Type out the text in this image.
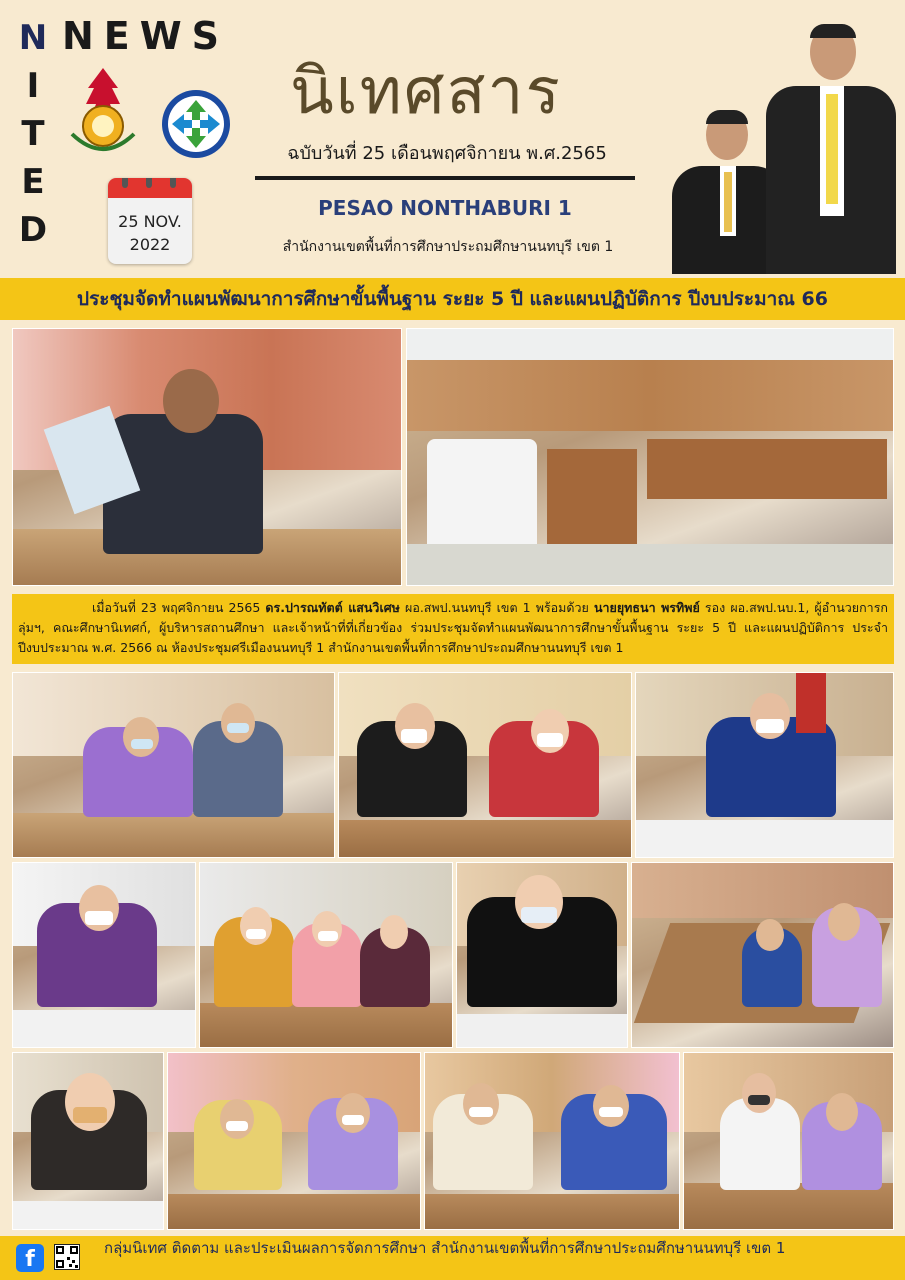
N
I
T
E
D
NEWS
25 NOV.
2022
นิเทศสาร
ฉบับวันที่ 25 เดือนพฤศจิกายน พ.ศ.2565
PESAO NONTHABURI 1
สำนักงานเขตพื้นที่การศึกษาประถมศึกษานนทบุรี เขต 1
ประชุมจัดทำแผนพัฒนาการศึกษาขั้นพื้นฐาน ระยะ 5 ปี และแผนปฏิบัติการ ปีงบประมาณ 66
เมื่อวันที่ 23 พฤศจิกายน 2565 ดร.ปารณทัตต์ แสนวิเศษ ผอ.สพป.นนทบุรี เขต 1 พร้อมด้วย นายยุทธนา พรทิพย์ รอง ผอ.สพป.นบ.1, ผู้อำนวยการกลุ่มฯ, คณะศึกษานิเทศก์, ผู้บริหารสถานศึกษา และเจ้าหน้าที่ที่เกี่ยวข้อง ร่วมประชุมจัดทำแผนพัฒนาการศึกษาขั้นพื้นฐาน ระยะ 5 ปี และแผนปฏิบัติการ ประจำปีงบประมาณ พ.ศ. 2566 ณ ห้องประชุมศรีเมืองนนทบุรี 1 สำนักงานเขตพื้นที่การศึกษาประถมศึกษานนทบุรี เขต 1
f	กลุ่มนิเทศ ติดตาม และประเมินผลการจัดการศึกษา สำนักงานเขตพื้นที่การศึกษาประถมศึกษานนทบุรี เขต 1
